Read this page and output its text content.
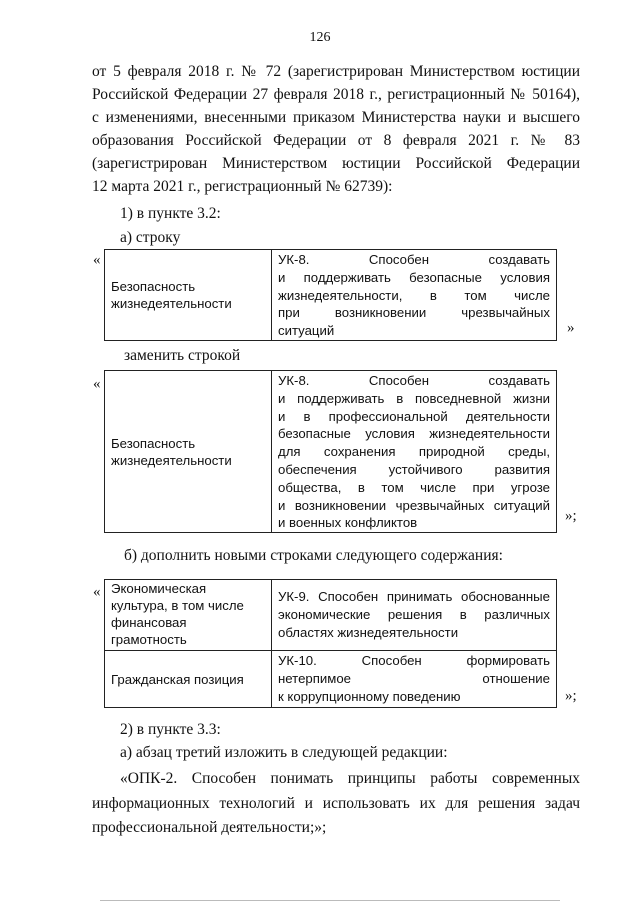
126
от 5 февраля 2018 г. № 72 (зарегистрирован Министерством юстиции
Российской Федерации 27 февраля 2018 г., регистрационный № 50164),
с изменениями, внесенными приказом Министерства науки и высшего
образования Российской Федерации от 8 февраля 2021 г. № 83
(зарегистрирован Министерством юстиции Российской Федерации
12 марта 2021 г., регистрационный № 62739):
1) в пункте 3.2:
а) строку
«
Безопасность жизнедеятельности	
УК-8. Способен создавать
и поддерживать безопасные условия
жизнедеятельности, в том числе
при возникновении чрезвычайных
ситуаций	»
заменить строкой
«
Безопасность жизнедеятельности	
УК-8. Способен создавать
и поддерживать в повседневной жизни
и в профессиональной деятельности
безопасные условия жизнедеятельности
для сохранения природной среды,
обеспечения устойчивого развития
общества, в том числе при угрозе
и возникновении чрезвычайных ситуаций
и военных конфликтов	»;
б) дополнить новыми строками следующего содержания:
« Экономическая культура, в том числе финансовая грамотность	УК-9. Способен принимать обоснованные
экономические решения в различных
областях жизнедеятельности

Гражданская позиция	УК-10. Способен формировать
нетерпимое отношение
к коррупционному поведению	»;
2) в пункте 3.3:
а) абзац третий изложить в следующей редакции:
«ОПК-2. Способен понимать принципы работы современных
информационных технологий и использовать их для решения задач
профессиональной деятельности;»;
